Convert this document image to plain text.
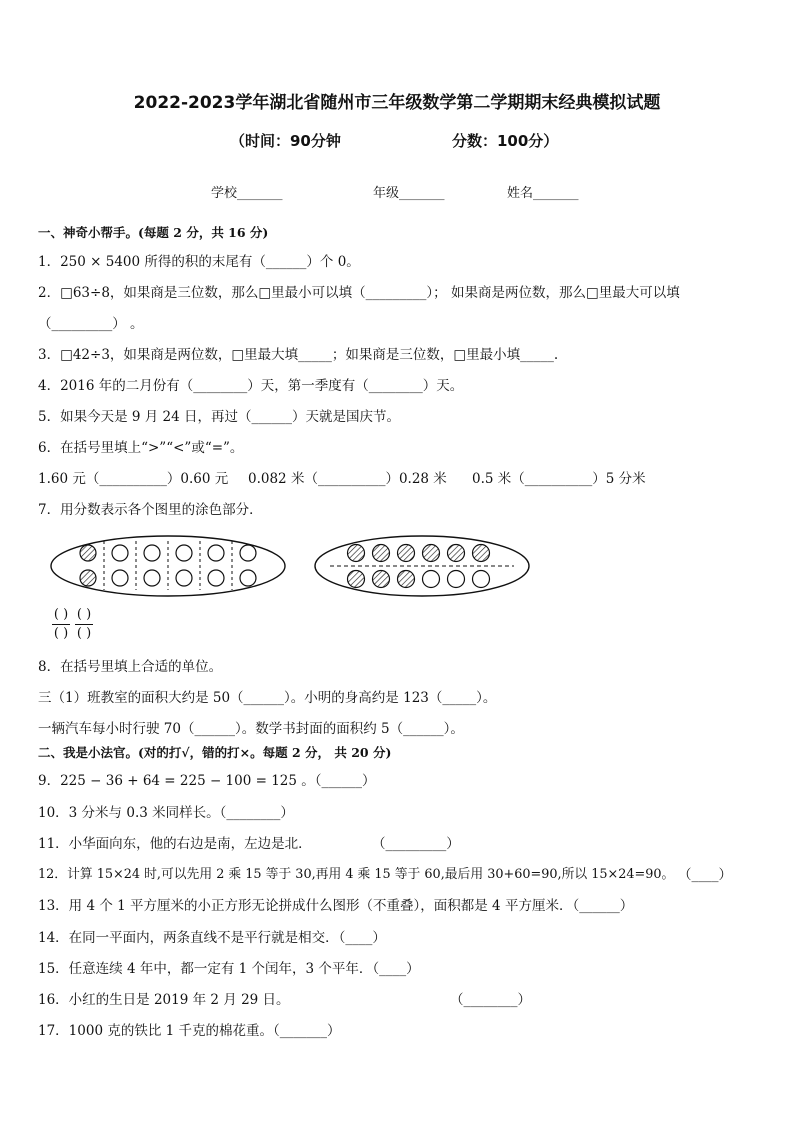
2022-2023学年湖北省随州市三年级数学第二学期期末经典模拟试题
（时间：90分钟	分数：100分）
学校_______	年级_______	姓名_______
一、神奇小帮手。(每题 2 分，共 16 分)
1．250 × 5400 所得的积的末尾有（______）个 0。
2．□63÷8，如果商是三位数，那么□里最小可以填（_________）； 如果商是两位数，那么□里最大可以填
（_________） 。
3．□42÷3，如果商是两位数，□里最大填_____；如果商是三位数，□里最小填_____.
4．2016 年的二月份有（________）天，第一季度有（________）天。
5．如果今天是 9 月 24 日，再过（______）天就是国庆节。
6．在括号里填上“>”“<”或“=”。
1.60 元（__________）0.60 元 0.082 米（__________）0.28 米 0.5 米（__________）5 分米
7．用分数表示各个图里的涂色部分．
( )
( )
( )
( )
8．在括号里填上合适的单位。
三（1）班教室的面积大约是 50（______）。小明的身高约是 123（_____）。
一辆汽车每小时行驶 70（______）。数学书封面的面积约 5（______）。
二、我是小法官。(对的打√，错的打×。每题 2 分， 共 20 分)
9．225 − 36 + 64 = 225 − 100 = 125 。（______）
10．3 分米与 0.3 米同样长。（________）
11．小华面向东，他的右边是南，左边是北．	（_________）
12．计算 15×24 时,可以先用 2 乘 15 等于 30,再用 4 乘 15 等于 60,最后用 30+60=90,所以 15×24=90。 （____）
13．用 4 个 1 平方厘米的小正方形无论拼成什么图形（不重叠），面积都是 4 平方厘米．（______）
14．在同一平面内，两条直线不是平行就是相交．（____）
15．任意连续 4 年中，都一定有 1 个闰年，3 个平年．（____）
16．小红的生日是 2019 年 2 月 29 日。	（________）
17．1000 克的铁比 1 千克的棉花重。（_______）
